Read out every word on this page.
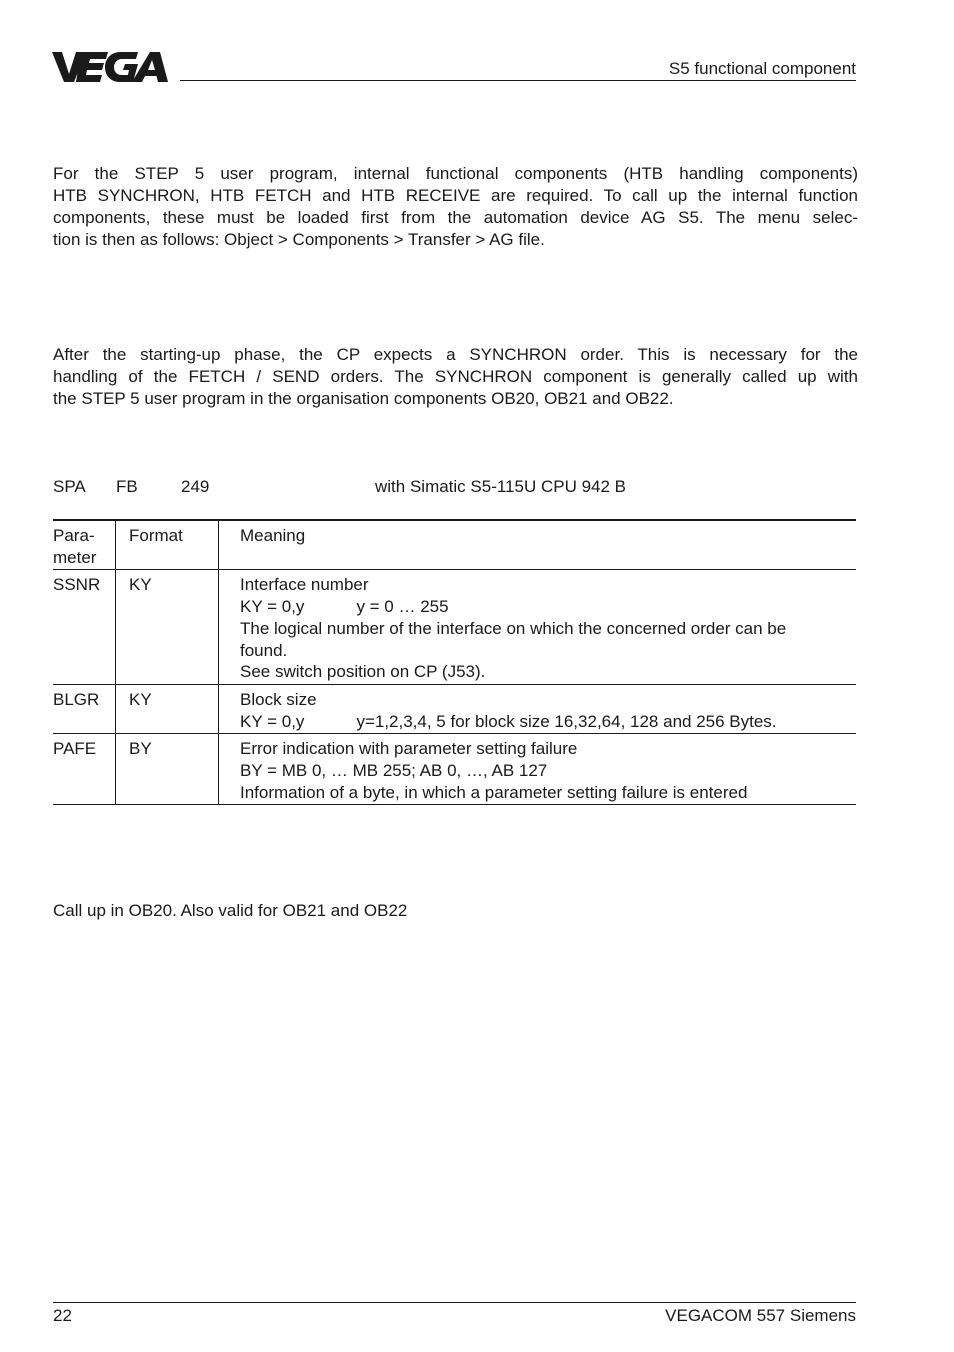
S5 functional component
For the STEP 5 user program, internal functional components (HTB handling components)
HTB SYNCHRON, HTB FETCH and HTB RECEIVE are required. To call up the internal function
components, these must be loaded first from the automation device AG S5. The menu selec-
tion is then as follows: Object > Components > Transfer > AG file.
After the starting-up phase, the CP expects a SYNCHRON order. This is necessary for the
handling of the FETCH / SEND orders. The SYNCHRON component is generally called up with
the STEP 5 user program in the organisation components OB20, OB21 and OB22.
SPA FB	249	with Simatic S5-115U CPU 942 B
Para-
meter	Format	Meaning
SSNR	KY	Interface number
KY = 0,y y = 0 … 255
The logical number of the interface on which the concerned order can be
found.
See switch position on CP (J53).

BLGR	KY	Block size
KY = 0,y y=1,2,3,4, 5 for block size 16,32,64, 128 and 256 Bytes.

PAFE	BY	Error indication with parameter setting failure
BY = MB 0, … MB 255; AB 0, …, AB 127
Information of a byte, in which a parameter setting failure is entered
Call up in OB20. Also valid for OB21 and OB22
22	VEGACOM 557 Siemens
